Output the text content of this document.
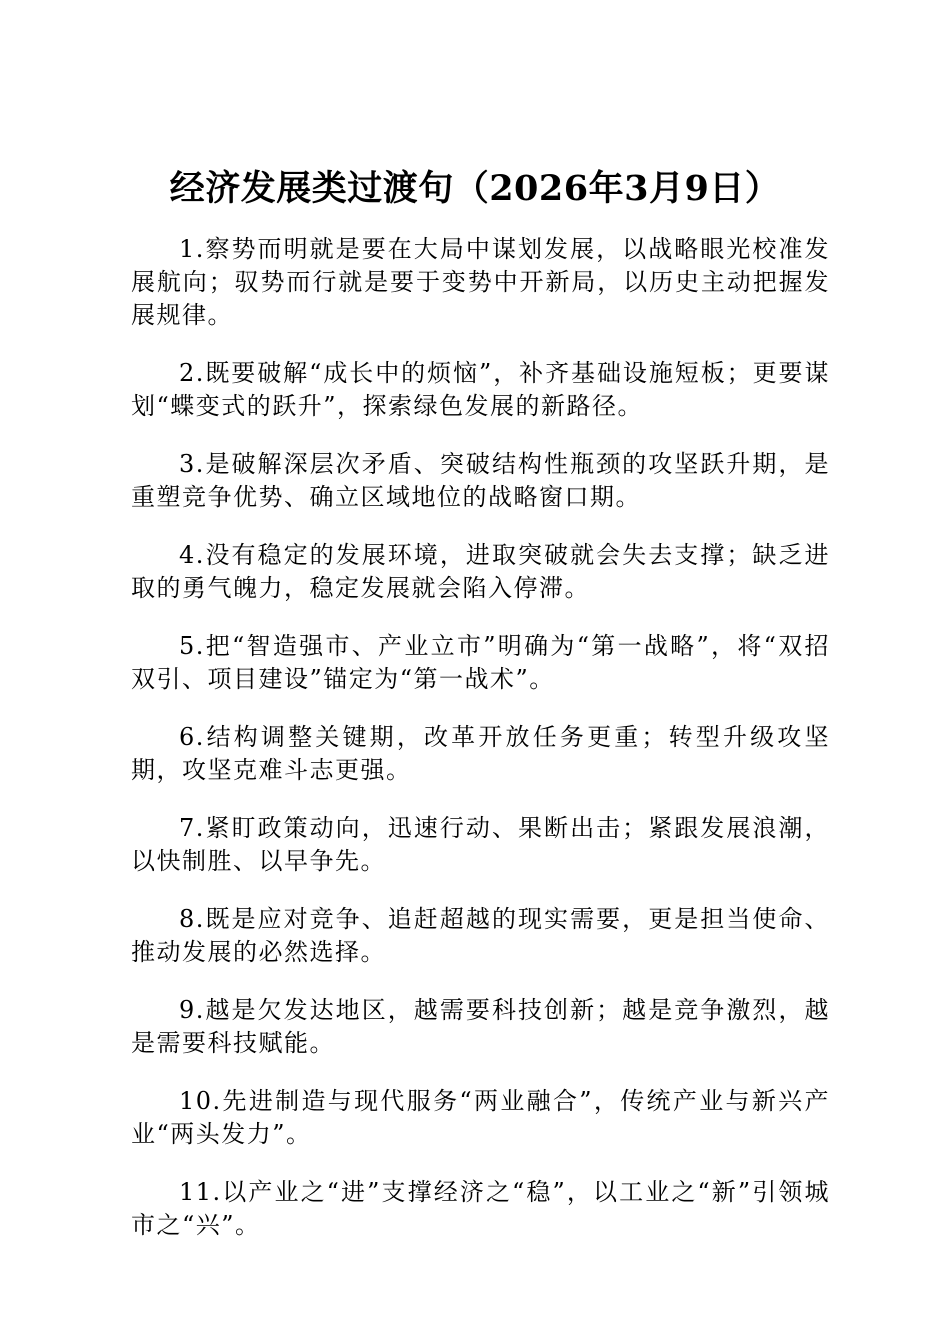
经济发展类过渡句（2026年3月9日）

1.察势而明就是要在大局中谋划发展，以战略眼光校准发展航向；驭势而行就是要于变势中开新局，以历史主动把握发展规律。

2.既要破解“成长中的烦恼”，补齐基础设施短板；更要谋划“蝶变式的跃升”，探索绿色发展的新路径。

3.是破解深层次矛盾、突破结构性瓶颈的攻坚跃升期，是重塑竞争优势、确立区域地位的战略窗口期。

4.没有稳定的发展环境，进取突破就会失去支撑；缺乏进取的勇气魄力，稳定发展就会陷入停滞。

5.把“智造强市、产业立市”明确为“第一战略”，将“双招双引、项目建设”锚定为“第一战术”。

6.结构调整关键期，改革开放任务更重；转型升级攻坚期，攻坚克难斗志更强。

7.紧盯政策动向，迅速行动、果断出击；紧跟发展浪潮，以快制胜、以早争先。

8.既是应对竞争、追赶超越的现实需要，更是担当使命、推动发展的必然选择。

9.越是欠发达地区，越需要科技创新；越是竞争激烈，越是需要科技赋能。

10.先进制造与现代服务“两业融合”，传统产业与新兴产业“两头发力”。

11.以产业之“进”支撑经济之“稳”，以工业之“新”引领城市之“兴”。
